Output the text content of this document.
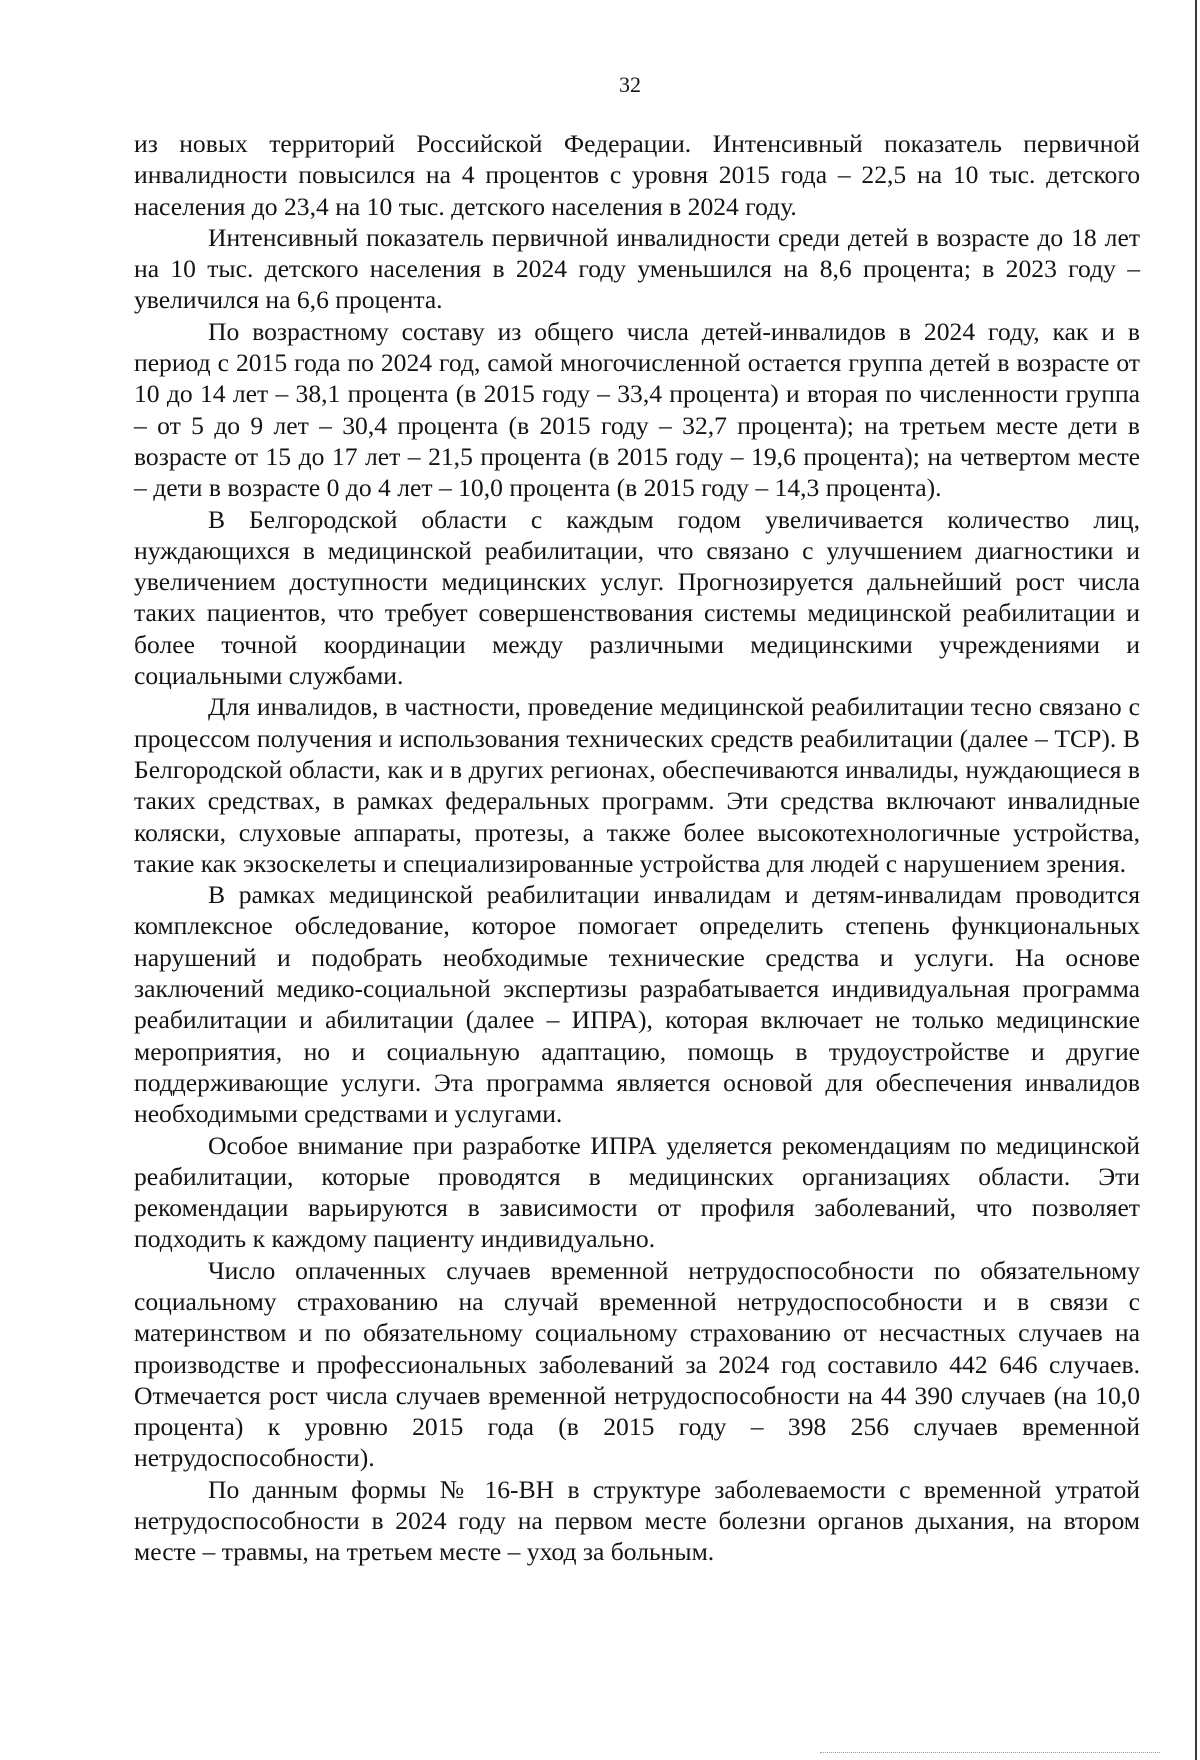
32

из новых территорий Российской Федерации. Интенсивный показатель первичной инвалидности повысился на 4 процентов с уровня 2015 года – 22,5 на 10 тыс. детского населения до 23,4 на 10 тыс. детского населения в 2024 году.

Интенсивный показатель первичной инвалидности среди детей в возрасте до 18 лет на 10 тыс. детского населения в 2024 году уменьшился на 8,6 процента; в 2023 году – увеличился на 6,6 процента.

По возрастному составу из общего числа детей-инвалидов в 2024 году, как и в период с 2015 года по 2024 год, самой многочисленной остается группа детей в возрасте от 10 до 14 лет – 38,1 процента (в 2015 году – 33,4 процента) и вторая по численности группа – от 5 до 9 лет – 30,4 процента (в 2015 году – 32,7 процента); на третьем месте дети в возрасте от 15 до 17 лет – 21,5 процента (в 2015 году – 19,6 процента); на четвертом месте – дети в возрасте 0 до 4 лет – 10,0 процента (в 2015 году – 14,3 процента).

В Белгородской области с каждым годом увеличивается количество лиц, нуждающихся в медицинской реабилитации, что связано с улучшением диагностики и увеличением доступности медицинских услуг. Прогнозируется дальнейший рост числа таких пациентов, что требует совершенствования системы медицинской реабилитации и более точной координации между различными медицинскими учреждениями и социальными службами.

Для инвалидов, в частности, проведение медицинской реабилитации тесно связано с процессом получения и использования технических средств реабилитации (далее – ТСР). В Белгородской области, как и в других регионах, обеспечиваются инвалиды, нуждающиеся в таких средствах, в рамках федеральных программ. Эти средства включают инвалидные коляски, слуховые аппараты, протезы, а также более высокотехнологичные устройства, такие как экзоскелеты и специализированные устройства для людей с нарушением зрения.

В рамках медицинской реабилитации инвалидам и детям-инвалидам проводится комплексное обследование, которое помогает определить степень функциональных нарушений и подобрать необходимые технические средства и услуги. На основе заключений медико-социальной экспертизы разрабатывается индивидуальная программа реабилитации и абилитации (далее – ИПРА), которая включает не только медицинские мероприятия, но и социальную адаптацию, помощь в трудоустройстве и другие поддерживающие услуги. Эта программа является основой для обеспечения инвалидов необходимыми средствами и услугами.

Особое внимание при разработке ИПРА уделяется рекомендациям по медицинской реабилитации, которые проводятся в медицинских организациях области. Эти рекомендации варьируются в зависимости от профиля заболеваний, что позволяет подходить к каждому пациенту индивидуально.

Число оплаченных случаев временной нетрудоспособности по обязательному социальному страхованию на случай временной нетрудоспособности и в связи с материнством и по обязательному социальному страхованию от несчастных случаев на производстве и профессиональных заболеваний за 2024 год составило 442 646 случаев. Отмечается рост числа случаев временной нетрудоспособности на 44 390 случаев (на 10,0 процента) к уровню 2015 года (в 2015 году – 398 256 случаев временной нетрудоспособности).

По данным формы № 16-ВН в структуре заболеваемости с временной утратой нетрудоспособности в 2024 году на первом месте болезни органов дыхания, на втором месте – травмы, на третьем месте – уход за больным.
